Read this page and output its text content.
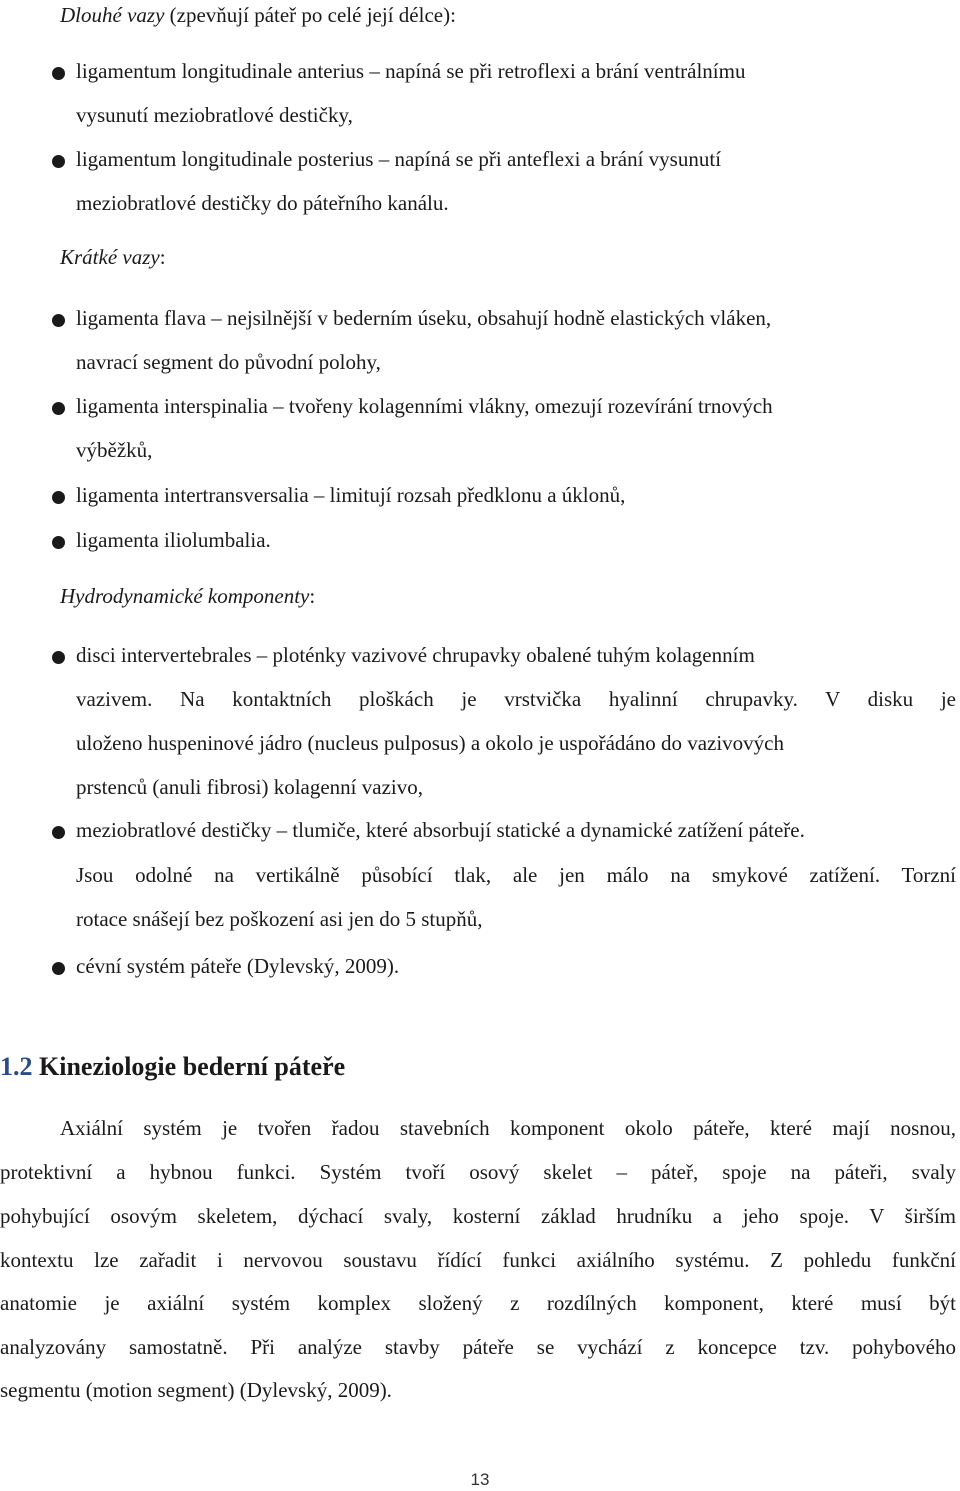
Dlouhé vazy (zpevňují páteř po celé její délce):
ligamentum longitudinale anterius – napíná se při retroflexi a brání ventrálnímu
vysunutí meziobratlové destičky,
ligamentum longitudinale posterius – napíná se při anteflexi a brání vysunutí
meziobratlové destičky do páteřního kanálu.
Krátké vazy:
ligamenta flava – nejsilnější v bederním úseku, obsahují hodně elastických vláken,
navrací segment do původní polohy,
ligamenta interspinalia – tvořeny kolagenními vlákny, omezují rozevírání trnových
výběžků,
ligamenta intertransversalia – limitují rozsah předklonu a úklonů,
ligamenta iliolumbalia.
Hydrodynamické komponenty:
disci intervertebrales – ploténky vazivové chrupavky obalené tuhým kolagenním
vazivem. Na kontaktních ploškách je vrstvička hyalinní chrupavky. V disku je
uloženo huspeninové jádro (nucleus pulposus) a okolo je uspořádáno do vazivových
prstenců (anuli fibrosi) kolagenní vazivo,
meziobratlové destičky – tlumiče, které absorbují statické a dynamické zatížení páteře.
Jsou odolné na vertikálně působící tlak, ale jen málo na smykové zatížení. Torzní
rotace snášejí bez poškození asi jen do 5 stupňů,
cévní systém páteře (Dylevský, 2009).
1.2 Kineziologie bederní páteře
Axiální systém je tvořen řadou stavebních komponent okolo páteře, které mají nosnou,
protektivní a hybnou funkci. Systém tvoří osový skelet – páteř, spoje na páteři, svaly
pohybující osovým skeletem, dýchací svaly, kosterní základ hrudníku a jeho spoje. V širším
kontextu lze zařadit i nervovou soustavu řídící funkci axiálního systému. Z pohledu funkční
anatomie je axiální systém komplex složený z rozdílných komponent, které musí být
analyzovány samostatně. Při analýze stavby páteře se vychází z koncepce tzv. pohybového
segmentu (motion segment) (Dylevský, 2009).
13
